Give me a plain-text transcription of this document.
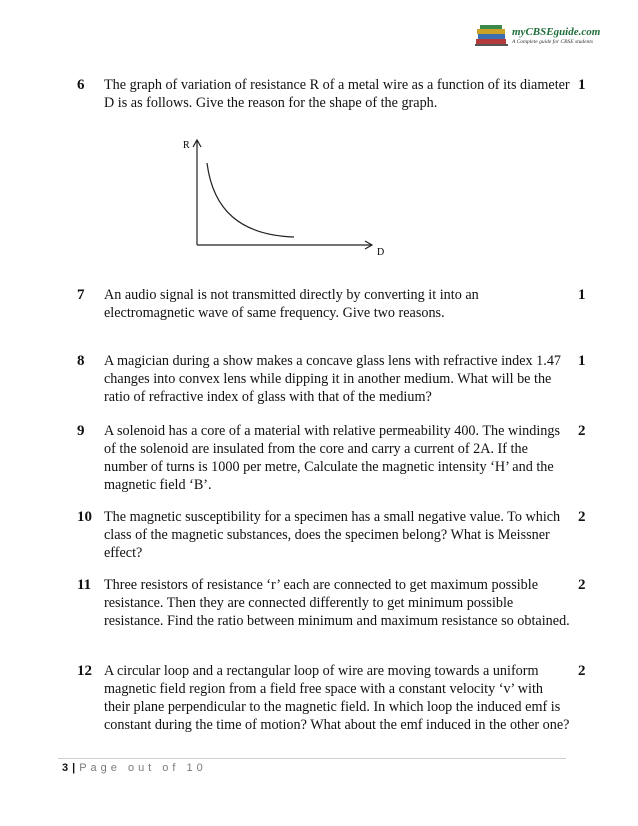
myCBSEguide.com
A Complete guide for CBSE students
6 The graph of variation of resistance R of a metal wire as a function of its diameter D is as follows. Give the reason for the shape of the graph.
1
R
D
7 An audio signal is not transmitted directly by converting it into an electromagnetic wave of same frequency. Give two reasons.
1
8 A magician during a show makes a concave glass lens with refractive index 1.47 changes into convex lens while dipping it in another medium. What will be the ratio of refractive index of glass with that of the medium?
1
9 A solenoid has a core of a material with relative permeability 400. The windings of the solenoid are insulated from the core and carry a current of 2A. If the number of turns is 1000 per metre, Calculate the magnetic intensity ‘H’ and the magnetic field ‘B’.
2
10 The magnetic susceptibility for a specimen has a small negative value. To which class of the magnetic substances, does the specimen belong? What is Meissner effect?
2
11 Three resistors of resistance ‘r’ each are connected to get maximum possible resistance. Then they are connected differently to get minimum possible resistance. Find the ratio between minimum and maximum resistance so obtained.
2
12 A circular loop and a rectangular loop of wire are moving towards a uniform magnetic field region from a field free space with a constant velocity ‘v’ with their plane perpendicular to the magnetic field. In which loop the induced emf is constant during the time of motion? What about the emf induced in the other one?
2
3 | Page out of 10
